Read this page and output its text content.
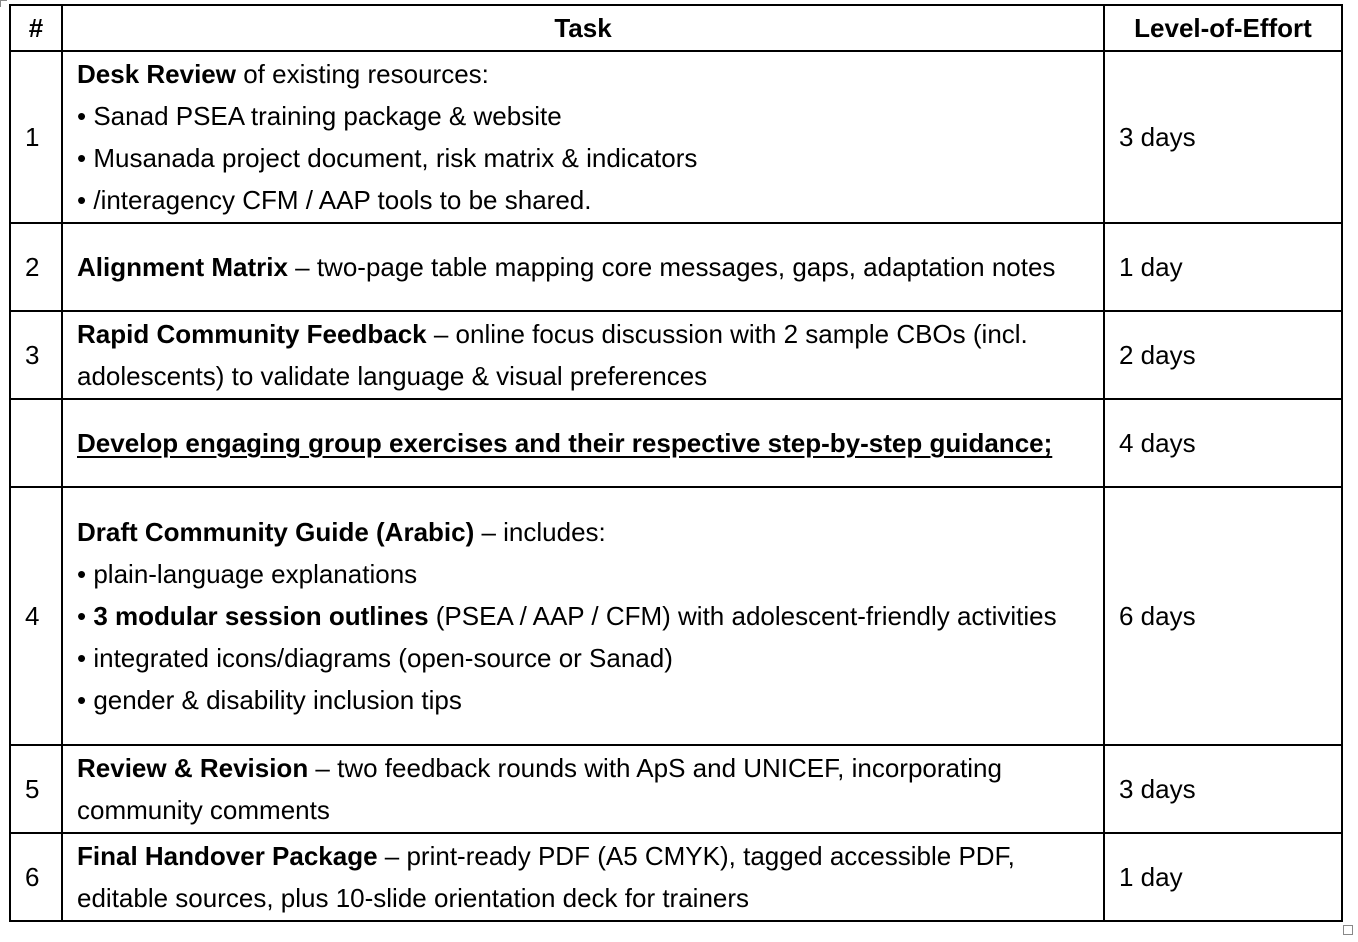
#	Task	Level-of-Effort
1	Desk Review of existing resources:
• Sanad PSEA training package & website
• Musanada project document, risk matrix & indicators
• /interagency CFM / AAP tools to be shared.	3 days
2	Alignment Matrix – two-page table mapping core messages, gaps, adaptation notes	1 day
3	Rapid Community Feedback – online focus discussion with 2 sample CBOs (incl. adolescents) to validate language & visual preferences	2 days

	Develop engaging group exercises and their respective step-by-step guidance;	4 days
4	Draft Community Guide (Arabic) – includes:
• plain-language explanations
• 3 modular session outlines (PSEA / AAP / CFM) with adolescent-friendly activities
• integrated icons/diagrams (open-source or Sanad)
• gender & disability inclusion tips	6 days
5	Review & Revision – two feedback rounds with ApS and UNICEF, incorporating community comments	3 days
6	Final Handover Package – print-ready PDF (A5 CMYK), tagged accessible PDF, editable sources, plus 10-slide orientation deck for trainers	1 day
